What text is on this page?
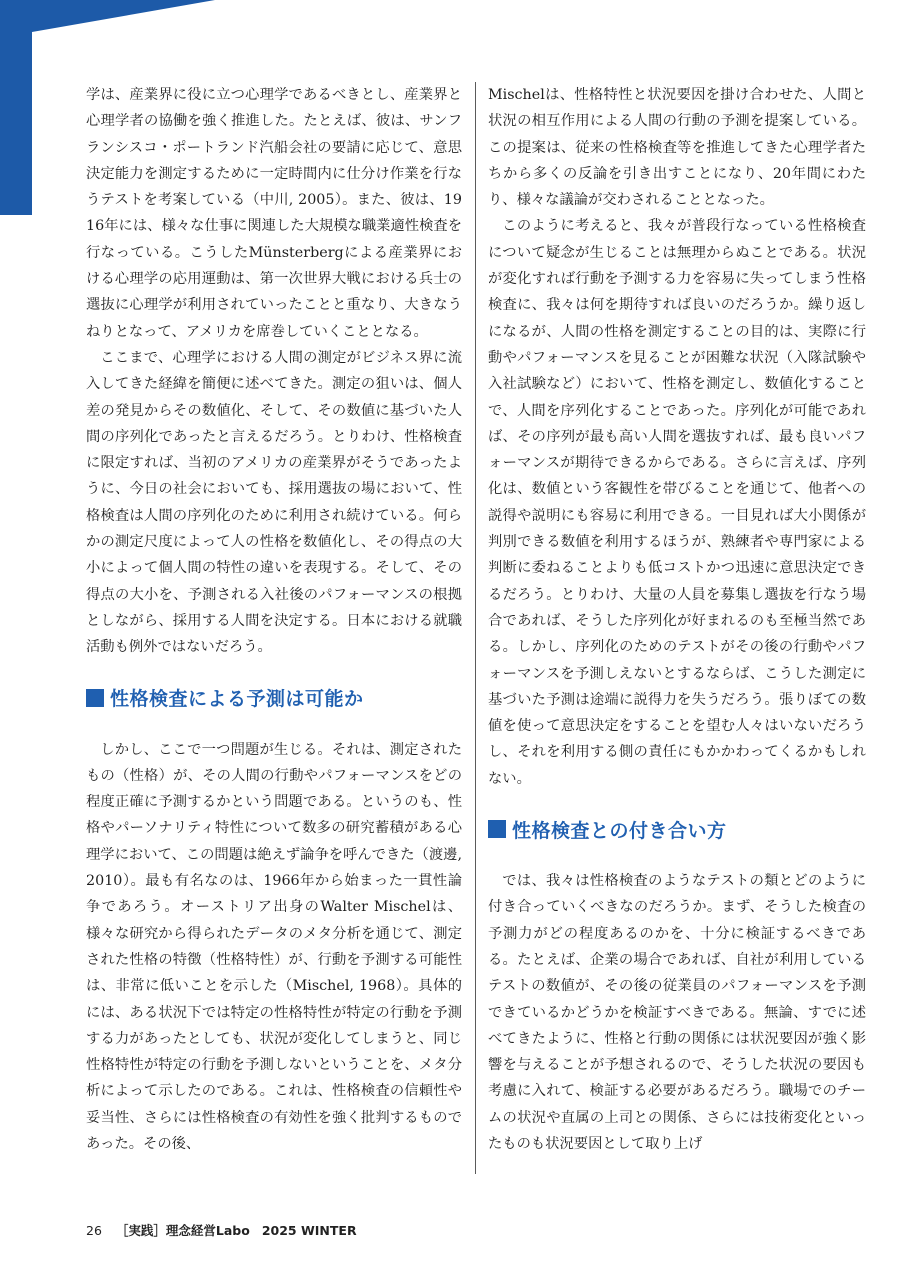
学は、産業界に役に立つ心理学であるべきとし、産業界と心理学者の協働を強く推進した。たとえば、彼は、サンフランシスコ・ポートランド汽船会社の要請に応じて、意思決定能力を測定するために一定時間内に仕分け作業を行なうテストを考案している（中川, 2005）。また、彼は、1916年には、様々な仕事に関連した大規模な職業適性検査を行なっている。こうしたMünsterbergによる産業界における心理学の応用運動は、第一次世界大戦における兵士の選抜に心理学が利用されていったことと重なり、大きなうねりとなって、アメリカを席巻していくこととなる。

ここまで、心理学における人間の測定がビジネス界に流入してきた経緯を簡便に述べてきた。測定の狙いは、個人差の発見からその数値化、そして、その数値に基づいた人間の序列化であったと言えるだろう。とりわけ、性格検査に限定すれば、当初のアメリカの産業界がそうであったように、今日の社会においても、採用選抜の場において、性格検査は人間の序列化のために利用され続けている。何らかの測定尺度によって人の性格を数値化し、その得点の大小によって個人間の特性の違いを表現する。そして、その得点の大小を、予測される入社後のパフォーマンスの根拠としながら、採用する人間を決定する。日本における就職活動も例外ではないだろう。

性格検査による予測は可能か

しかし、ここで一つ問題が生じる。それは、測定されたもの（性格）が、その人間の行動やパフォーマンスをどの程度正確に予測するかという問題である。というのも、性格やパーソナリティ特性について数多の研究蓄積がある心理学において、この問題は絶えず論争を呼んできた（渡邊, 2010）。最も有名なのは、1966年から始まった一貫性論争であろう。オーストリア出身のWalter Mischelは、様々な研究から得られたデータのメタ分析を通じて、測定された性格の特徴（性格特性）が、行動を予測する可能性は、非常に低いことを示した（Mischel, 1968）。具体的には、ある状況下では特定の性格特性が特定の行動を予測する力があったとしても、状況が変化してしまうと、同じ性格特性が特定の行動を予測しないということを、メタ分析によって示したのである。これは、性格検査の信頼性や妥当性、さらには性格検査の有効性を強く批判するものであった。その後、

Mischelは、性格特性と状況要因を掛け合わせた、人間と状況の相互作用による人間の行動の予測を提案している。この提案は、従来の性格検査等を推進してきた心理学者たちから多くの反論を引き出すことになり、20年間にわたり、様々な議論が交わされることとなった。

このように考えると、我々が普段行なっている性格検査について疑念が生じることは無理からぬことである。状況が変化すれば行動を予測する力を容易に失ってしまう性格検査に、我々は何を期待すれば良いのだろうか。繰り返しになるが、人間の性格を測定することの目的は、実際に行動やパフォーマンスを見ることが困難な状況（入隊試験や入社試験など）において、性格を測定し、数値化することで、人間を序列化することであった。序列化が可能であれば、その序列が最も高い人間を選抜すれば、最も良いパフォーマンスが期待できるからである。さらに言えば、序列化は、数値という客観性を帯びることを通じて、他者への説得や説明にも容易に利用できる。一目見れば大小関係が判別できる数値を利用するほうが、熟練者や専門家による判断に委ねることよりも低コストかつ迅速に意思決定できるだろう。とりわけ、大量の人員を募集し選抜を行なう場合であれば、そうした序列化が好まれるのも至極当然である。しかし、序列化のためのテストがその後の行動やパフォーマンスを予測しえないとするならば、こうした測定に基づいた予測は途端に説得力を失うだろう。張りぼての数値を使って意思決定をすることを望む人々はいないだろうし、それを利用する側の責任にもかかわってくるかもしれない。

性格検査との付き合い方

では、我々は性格検査のようなテストの類とどのように付き合っていくべきなのだろうか。まず、そうした検査の予測力がどの程度あるのかを、十分に検証するべきである。たとえば、企業の場合であれば、自社が利用しているテストの数値が、その後の従業員のパフォーマンスを予測できているかどうかを検証すべきである。無論、すでに述べてきたように、性格と行動の関係には状況要因が強く影響を与えることが予想されるので、そうした状況の要因も考慮に入れて、検証する必要があるだろう。職場でのチームの状況や直属の上司との関係、さらには技術変化といったものも状況要因として取り上げ

26 ［実践］理念経営Labo 2025 WINTER
